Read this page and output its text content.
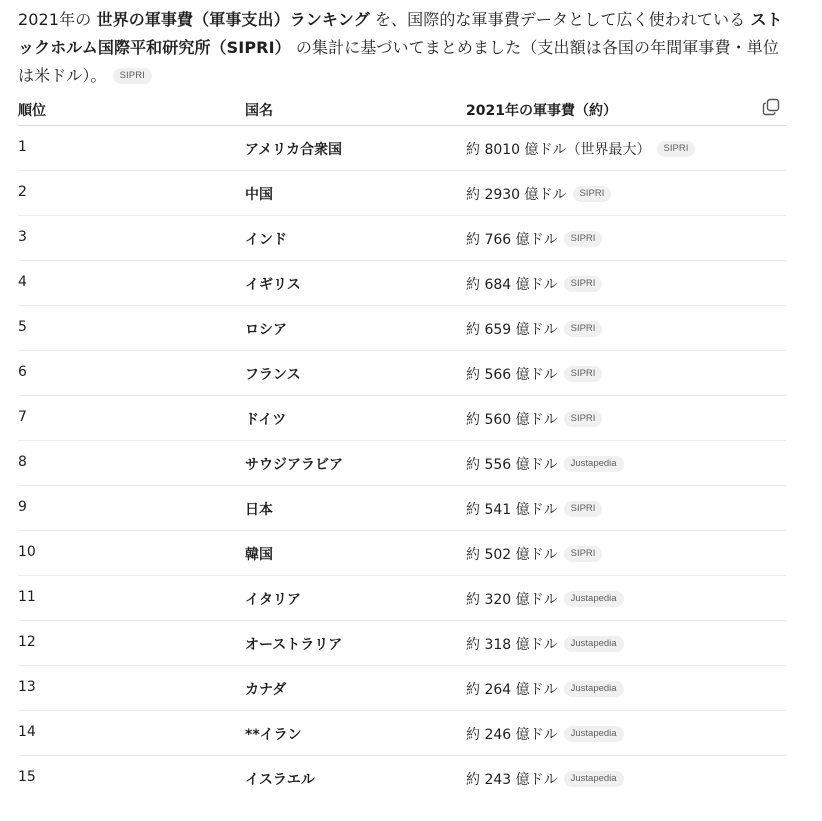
2021年の 世界の軍事費（軍事支出）ランキング を、国際的な軍事費データとして広く使われている ストックホルム国際平和研究所（SIPRI） の集計に基づいてまとめました（支出額は各国の年間軍事費・単位は米ドル）。 SIPRI
順位	国名	2021年の軍事費（約）
1	アメリカ合衆国	約 8010 億ドル（世界最大） SIPRI
2	中国	約 2930 億ドル SIPRI
3	インド	約 766 億ドル SIPRI
4	イギリス	約 684 億ドル SIPRI
5	ロシア	約 659 億ドル SIPRI
6	フランス	約 566 億ドル SIPRI
7	ドイツ	約 560 億ドル SIPRI
8	サウジアラビア	約 556 億ドル Justapedia
9	日本	約 541 億ドル SIPRI
10	韓国	約 502 億ドル SIPRI
11	イタリア	約 320 億ドル Justapedia
12	オーストラリア	約 318 億ドル Justapedia
13	カナダ	約 264 億ドル Justapedia
14	**イラン	約 246 億ドル Justapedia
15	イスラエル	約 243 億ドル Justapedia
